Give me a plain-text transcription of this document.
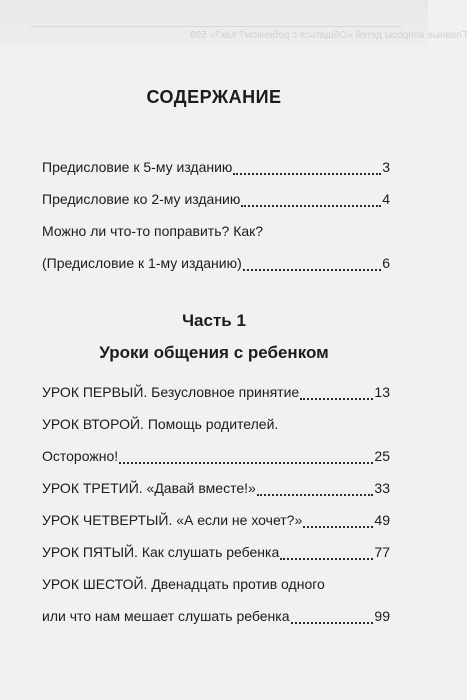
Главные вопросы детей «Общаться с ребенком? Как?» 599
СОДЕРЖАНИЕ
Предисловие к 5-му изданию	3
Предисловие ко 2-му изданию	4
Можно ли что-то поправить? Как?
(Предисловие к 1-му изданию)	6
Часть 1
Уроки общения с ребенком
УРОК ПЕРВЫЙ. Безусловное принятие	13
УРОК ВТОРОЙ. Помощь родителей.
Осторожно!	25
УРОК ТРЕТИЙ. «Давай вместе!»	33
УРОК ЧЕТВЕРТЫЙ. «А если не хочет?»	49
УРОК ПЯТЫЙ. Как слушать ребенка	77
УРОК ШЕСТОЙ. Двенадцать против одного
или что нам мешает слушать ребенка	99
